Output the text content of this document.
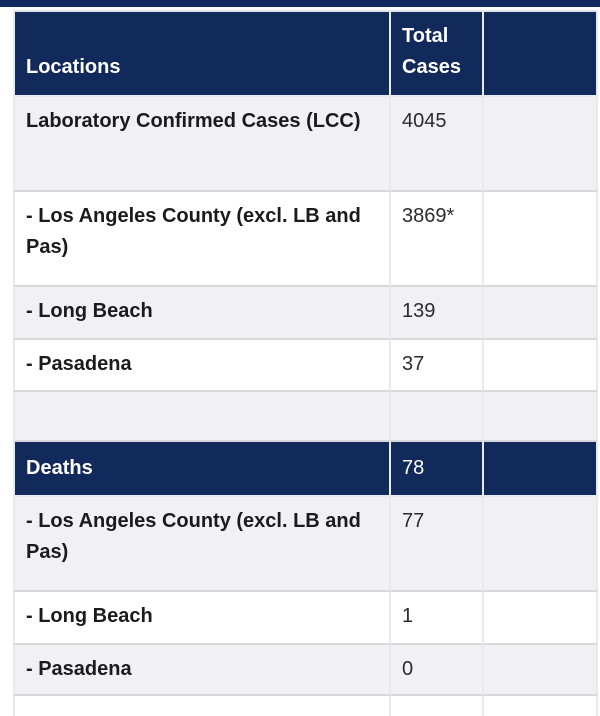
Locations	Total Cases	
Laboratory Confirmed Cases (LCC)	4045	
- Los Angeles County (excl. LB and Pas)	3869*	
- Long Beach	139	
- Pasadena	37	

Deaths	78	
- Los Angeles County (excl. LB and Pas)	77	
- Long Beach	1	
- Pasadena	0	
